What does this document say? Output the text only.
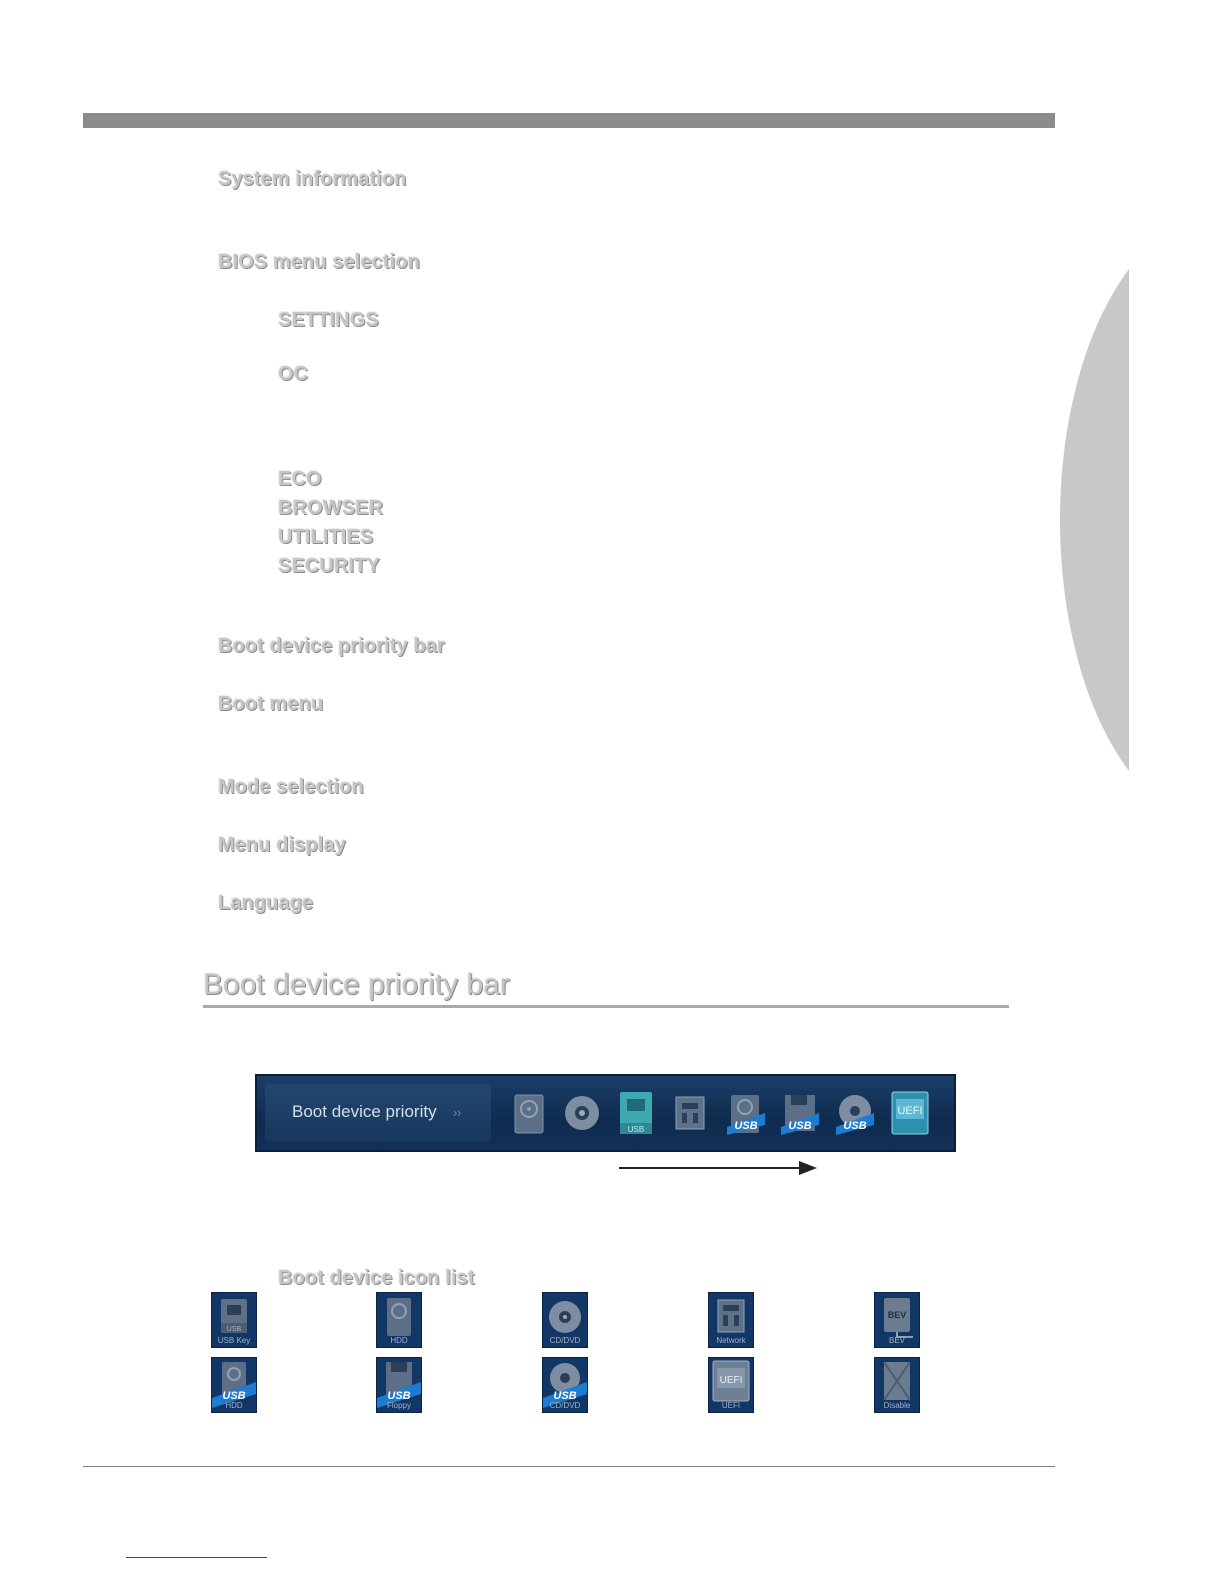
System information
BIOS menu selection
SETTINGS
OC
ECO
BROWSER
UTILITIES
SECURITY
Boot device priority bar
Boot menu
Mode selection
Menu display
Language
Boot device priority bar
Boot device priority › ›
USB	USB	USB	USB
UEFI
Boot device icon list
USB
USB Key	HDD	CD/DVD	Network
BEV
BEV
USB
HDD
USB
Floppy
USB
CD/DVD
UEFI
UEFI	Disable
